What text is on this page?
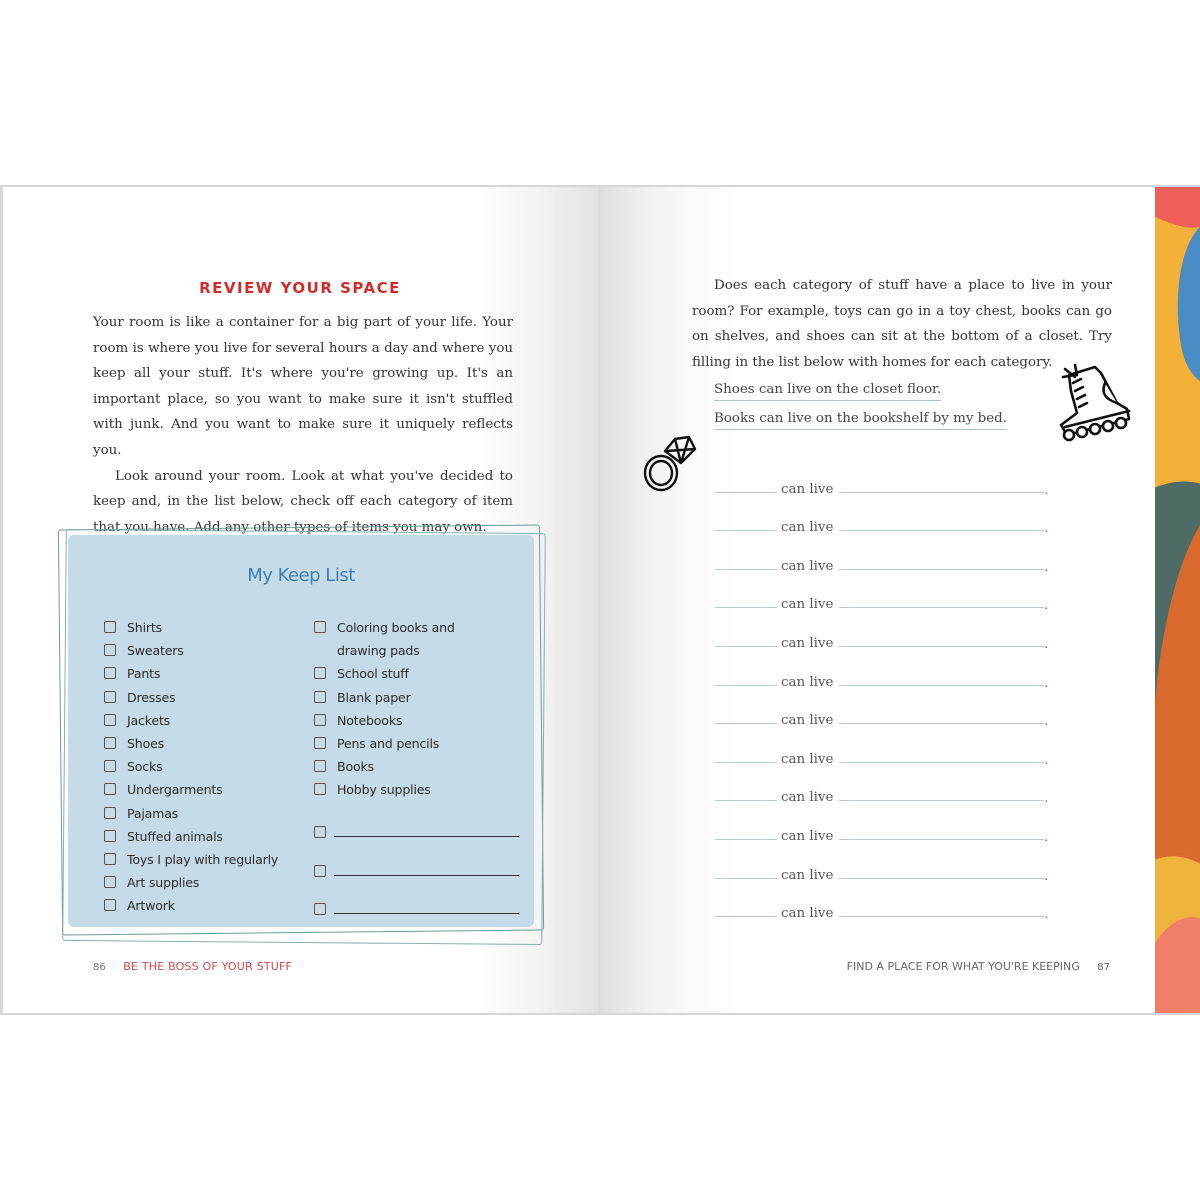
REVIEW YOUR SPACE

Your room is like a container for a big part of your life. Your room is where you live for several hours a day and where you keep all your stuff. It's where you're growing up. It's an important place, so you want to make sure it isn't stuffled with junk. And you want to make sure it uniquely reflects you.

Look around your room. Look at what you've decided to keep and, in the list below, check off each category of item that you have. Add any other types of items you may own.

My Keep List
Shirts
Sweaters
Pants
Dresses
Jackets
Shoes
Socks
Undergarments
Pajamas
Stuffed animals
Toys I play with regularly
Art supplies
Artwork
Coloring books and drawing pads
School stuff
Blank paper
Notebooks
Pens and pencils
Books
Hobby supplies
86 BE THE BOSS OF YOUR STUFF

Does each category of stuff have a place to live in your room? For example, toys can go in a toy chest, books can go on shelves, and shoes can sit at the bottom of a closet. Try filling in the list below with homes for each category.

Shoes can live on the closet floor.
Books can live on the bookshelf by my bed.
can live	.
can live	.
can live	.
can live	.
can live	.
can live	.
can live	.
can live	.
can live	.
can live	.
can live	.
can live	.
FIND A PLACE FOR WHAT YOU'RE KEEPING 87
